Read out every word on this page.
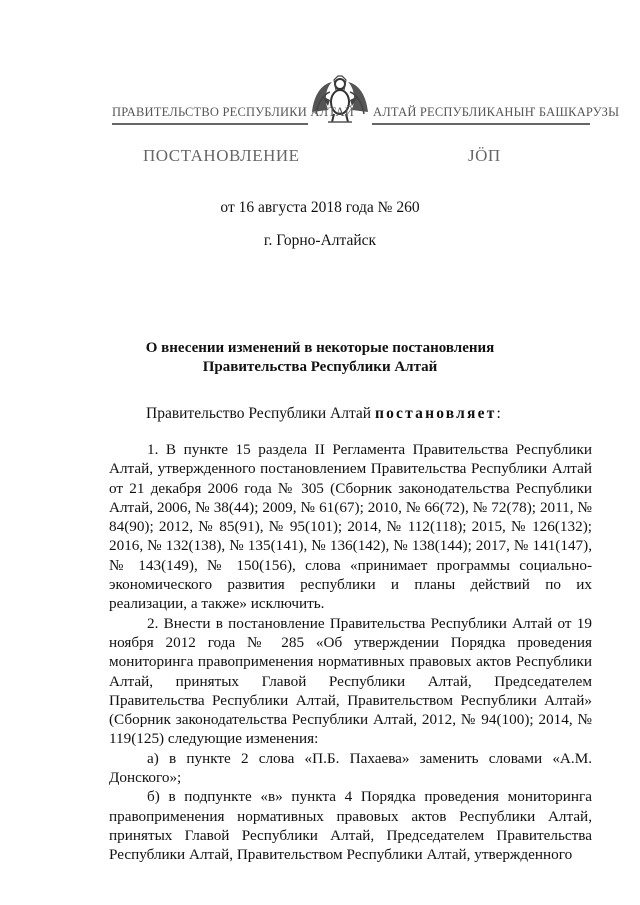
ПРАВИТЕЛЬСТВО РЕСПУБЛИКИ АЛТАЙ АЛТАЙ РЕСПУБЛИКАНЫҤ БАШКАРУЗЫ
ПОСТАНОВЛЕНИЕ	ЈӦП
от 16 августа 2018 года № 260
г. Горно-Алтайск
О внесении изменений в некоторые постановления
Правительства Республики Алтай
Правительство Республики Алтай постановляет:

1. В пункте 15 раздела II Регламента Правительства Республики Алтай, утвержденного постановлением Правительства Республики Алтай от 21 декабря 2006 года № 305 (Сборник законодательства Республики Алтай, 2006, № 38(44); 2009, № 61(67); 2010, № 66(72), № 72(78); 2011, № 84(90); 2012, № 85(91), № 95(101); 2014, № 112(118); 2015, № 126(132); 2016, № 132(138), № 135(141), № 136(142), № 138(144); 2017, № 141(147), № 143(149), № 150(156), слова «принимает программы социально-экономического развития республики и планы действий по их реализации, а также» исключить.

2. Внести в постановление Правительства Республики Алтай от 19 ноября 2012 года № 285 «Об утверждении Порядка проведения мониторинга правоприменения нормативных правовых актов Республики Алтай, принятых Главой Республики Алтай, Председателем Правительства Республики Алтай, Правительством Республики Алтай» (Сборник законодательства Республики Алтай, 2012, № 94(100); 2014, № 119(125) следующие изменения:

а) в пункте 2 слова «П.Б. Пахаева» заменить словами «А.М. Донского»;

б) в подпункте «в» пункта 4 Порядка проведения мониторинга правоприменения нормативных правовых актов Республики Алтай, принятых Главой Республики Алтай, Председателем Правительства Республики Алтай, Правительством Республики Алтай, утвержденного
